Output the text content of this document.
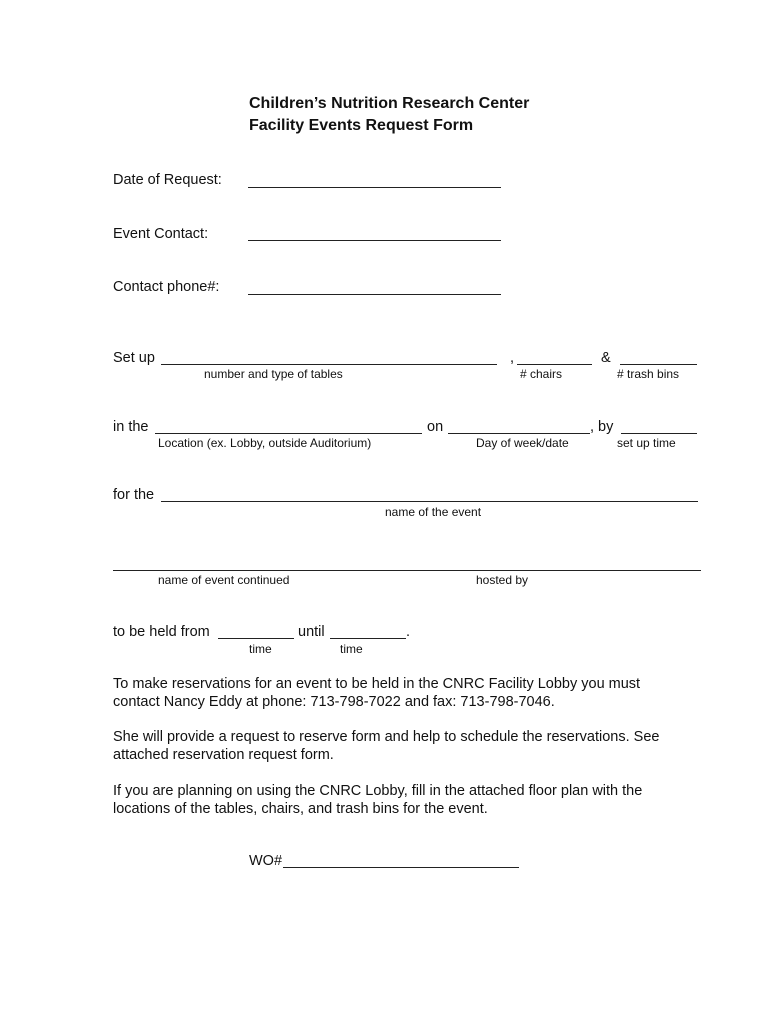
Children’s Nutrition Research Center
Facility Events Request Form
Date of Request:
Event Contact:
Contact phone#:
Set up	,	&
number and type of tables	# chairs	# trash bins
in the	on	, by
Location (ex. Lobby, outside Auditorium)	Day of week/date	set up time
for the
name of the event
name of event continued	hosted by
to be held from	until	.
time	time
To make reservations for an event to be held in the CNRC Facility Lobby you must contact Nancy Eddy at phone: 713-798-7022 and fax: 713-798-7046.
She will provide a request to reserve form and help to schedule the reservations. See attached reservation request form.
If you are planning on using the CNRC Lobby, fill in the attached floor plan with the locations of the tables, chairs, and trash bins for the event.
WO#
